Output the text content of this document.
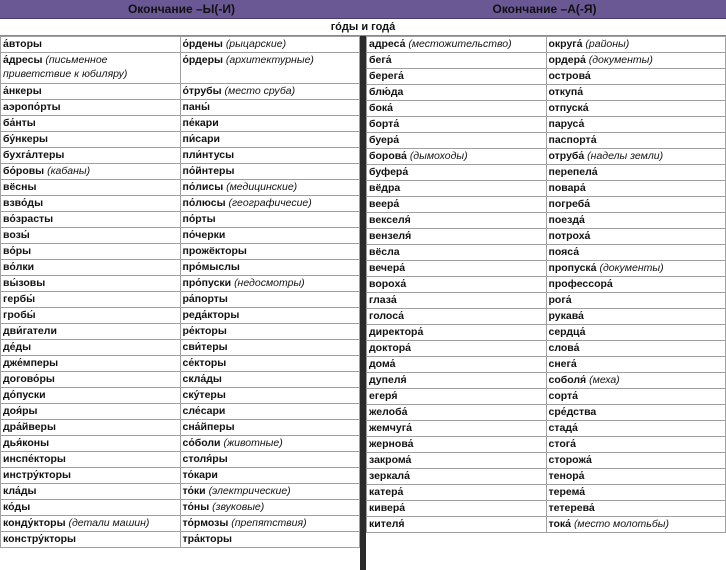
Окончание –Ы(-И)	Окончание –А(-Я)
го́ды и года́
а́вторы	о́рдены (рыцарские)
а́дресы (письменное приветствие к юбиляру)	о́рдеры (архитектурные)
а́нкеры	о́трубы (место сруба)
аэропо́рты	паны́
ба́нты	пе́кари
бу́нкеры	пи́сари
бухга́лтеры	пли́нтусы
бо́ровы (кабаны)	по́йнтеры
вёсны	по́лисы (медицинские)
взво́ды	по́люсы (географичесие)
во́зрасты	по́рты
возы́	по́черки
во́ры	прожёкторы
во́лки	про́мыслы
вы́зовы	про́пуски (недосмотры)
гербы́	ра́порты
гробы́	реда́кторы
дви́гатели	ре́кторы
де́ды	сви́теры
дже́мперы	се́кторы
догово́ры	скла́ды
до́пуски	ску́теры
доя́ры	сле́сари
дра́йверы	сна́йперы
дья́коны	со́боли (животные)
инспе́кторы	столя́ры
инстру́кторы	то́кари
кла́ды	то́ки (электрические)
ко́ды	то́ны (звуковые)
конду́кторы (детали машин)	то́рмозы (препятствия)
констру́кторы	тра́кторы
адреса́ (местожительство)	округа́ (районы)
бега́	ордера́ (документы)
берега́	острова́
блю́да	откупа́
бока́	отпуска́
борта́	паруса́
буера́	паспорта́
борова́ (дымоходы)	отруба́ (наделы земли)
буфера́	перепела́
вёдра	повара́
веера́	погреба́
векселя́	поезда́
вензеля́	потроха́
вёсла	пояса́
вечера́	пропуска́ (документы)
ворoха́	профессора́
глаза́	рога́
голоса́	рукава́
директора́	сердца́
доктора́	слова́
дома́	снега́
дупеля́	соболя́ (меха)
егеря́	сорта́
желоба́	сре́дства
жемчуга́	стада́
жернова́	стога́
закрома́	сторожа́
зеркала́	тенора́
катера́	терема́
кивера́	тетерева́
кителя́	тока́ (место молотьбы)
